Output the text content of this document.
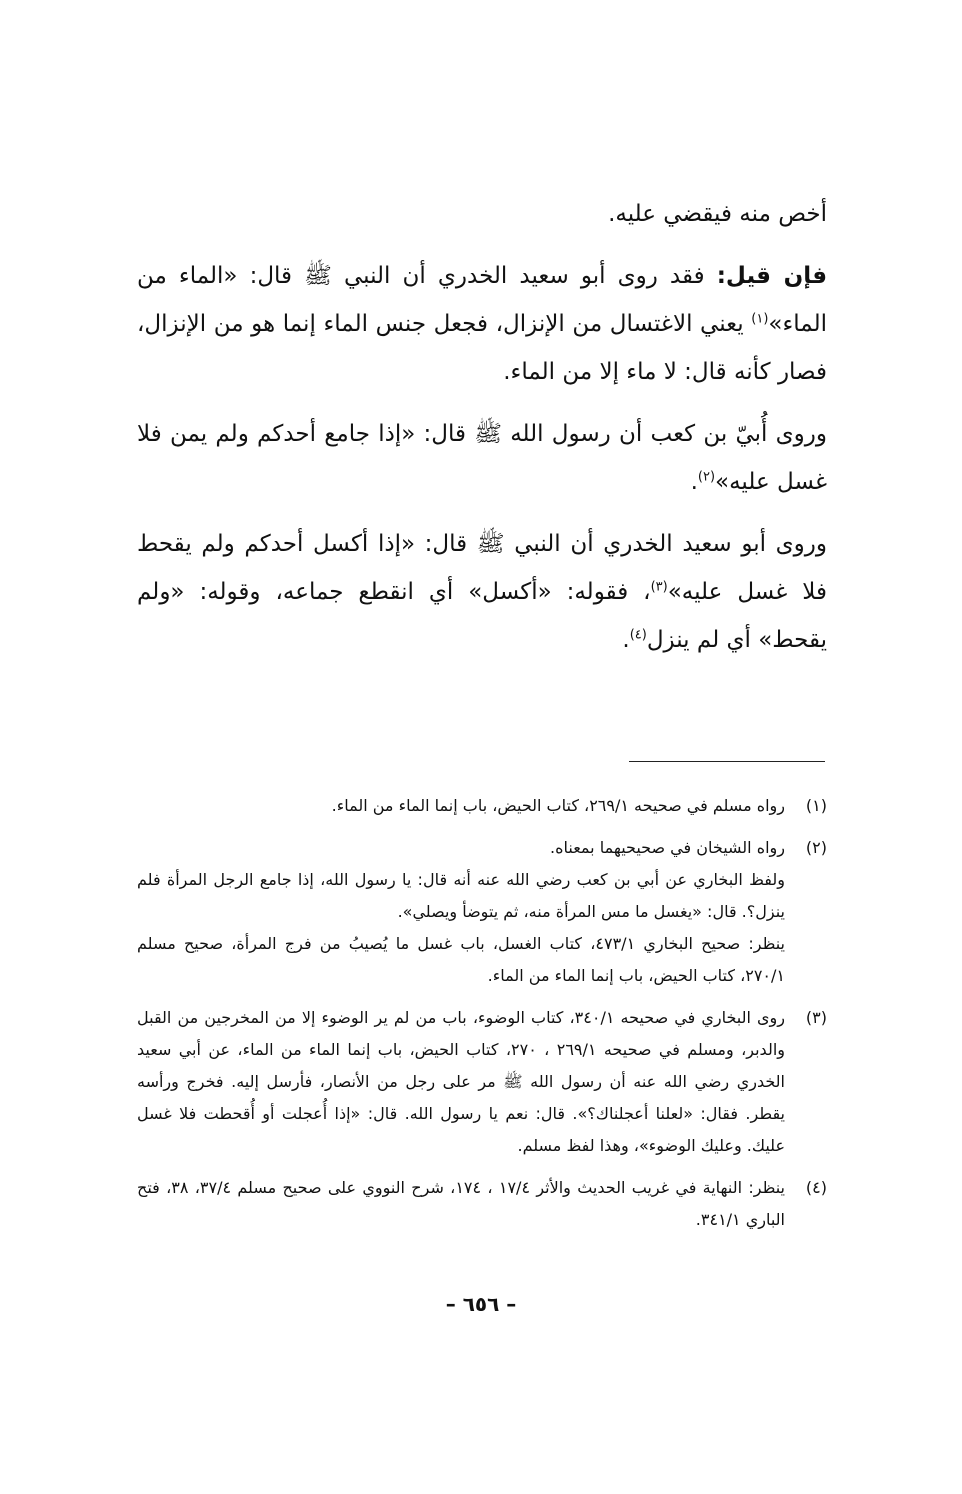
أخص منه فيقضي عليه.

فإن قيل: فقد روى أبو سعيد الخدري أن النبي ﷺ قال: «الماء من الماء»$^{(١)}$ يعني الاغتسال من الإنزال، فجعل جنس الماء إنما هو من الإنزال، فصار كأنه قال: لا ماء إلا من الماء.

وروى أُبيّ بن كعب أن رسول الله ﷺ قال: «إذا جامع أحدكم ولم يمن فلا غسل عليه»$^{(٢)}$.

وروى أبو سعيد الخدري أن النبي ﷺ قال: «إذا أكسل أحدكم ولم يقحط فلا غسل عليه»$^{(٣)}$، فقوله: «أكسل» أي انقطع جماعه، وقوله: «ولم يقحط» أي لم ينزل$^{(٤)}$.

(١)
رواه مسلم في صحيحه ٢٦٩/١، كتاب الحيض، باب إنما الماء من الماء.
(٢)
رواه الشيخان في صحيحيهما بمعناه.
ولفظ البخاري عن أبي بن كعب رضي الله عنه أنه قال: يا رسول الله، إذا جامع الرجل المرأة فلم ينزل؟. قال: «يغسل ما مس المرأة منه، ثم يتوضأ ويصلي».
ينظر: صحيح البخاري ٤٧٣/١، كتاب الغسل، باب غسل ما يُصيبُ من فرج المرأة، صحيح مسلم ٢٧٠/١، كتاب الحيض، باب إنما الماء من الماء.
(٣)
روى البخاري في صحيحه ٣٤٠/١، كتاب الوضوء، باب من لم ير الوضوء إلا من المخرجين من القبل والدبر، ومسلم في صحيحه ٢٦٩/١ ، ٢٧٠، كتاب الحيض، باب إنما الماء من الماء، عن أبي سعيد الخدري رضي الله عنه أن رسول الله ﷺ مر على رجل من الأنصار، فأرسل إليه. فخرج ورأسه يقطر. فقال: «لعلنا أعجلناك؟». قال: نعم يا رسول الله. قال: «إذا أُعجلت أو أُقحطت فلا غسل عليك. وعليك الوضوء»، وهذا لفظ مسلم.
(٤)
ينظر: النهاية في غريب الحديث والأثر ١٧/٤ ، ١٧٤، شرح النووي على صحيح مسلم ٣٧/٤، ٣٨، فتح الباري ٣٤١/١.
– ٦٥٦ –
